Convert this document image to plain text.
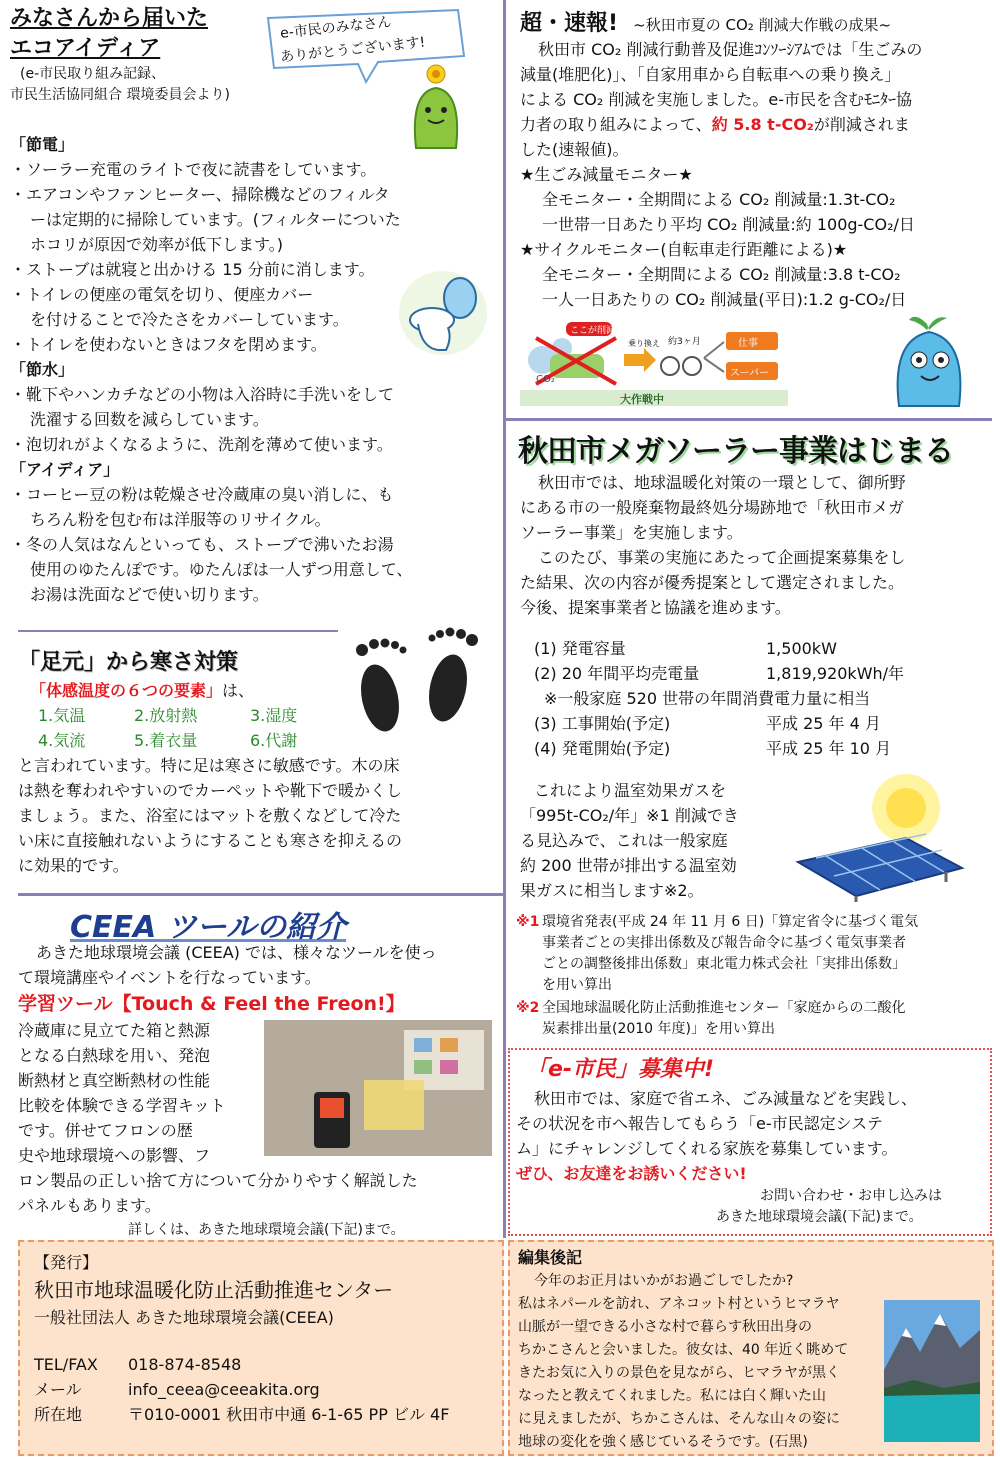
みなさんから届いた
エコアイディア
(e-市民取り組み記録、
市民生活協同組合 環境委員会より)
e-市民のみなさん
ありがとうございます!
「節電」
・ソーラー充電のライトで夜に読書をしています。
・エアコンやファンヒーター、掃除機などのフィルタ
ーは定期的に掃除しています。(フィルターについた
ホコリが原因で効率が低下します。)
・ストーブは就寝と出かける 15 分前に消します。
・トイレの便座の電気を切り、便座カバー
を付けることで冷たさをカバーしています。
・トイレを使わないときはフタを閉めます。
「節水」
・靴下やハンカチなどの小物は入浴時に手洗いをして
洗濯する回数を減らしています。
・泡切れがよくなるように、洗剤を薄めて使います。
「アイディア」
・コーヒー豆の粉は乾燥させ冷蔵庫の臭い消しに、も
ちろん粉を包む布は洋服等のリサイクル。
・冬の人気はなんといっても、ストーブで沸いたお湯
使用のゆたんぽです。ゆたんぽは一人ずつ用意して、
お湯は洗面などで使い切ります。
「足元」から寒さ対策
「体感温度の６つの要素」は、
1.気温	2.放射熱	3.湿度
4.気流	5.着衣量	6.代謝
と言われています。特に足は寒さに敏感です。木の床
は熱を奪われやすいのでカーペットや靴下で暖かくし
ましょう。また、浴室にはマットを敷くなどして冷た
い床に直接触れないようにすることも寒さを抑えるの
に効果的です。
CEEA ツールの紹介
あきた地球環境会議 (CEEA) では、様々なツールを使っ
て環境講座やイベントを行なっています。
学習ツール【Touch & Feel the Freon!】
冷蔵庫に見立てた箱と熱源
となる白熱球を用い、発泡
断熱材と真空断熱材の性能
比較を体験できる学習キット
です。併せてフロンの歴
史や地球環境への影響、フ
ロン製品の正しい捨て方について分かりやすく解説した
パネルもあります。
詳しくは、あきた地球環境会議(下記)まで。
超・速報! ~秋田市夏の CO₂ 削減大作戦の成果~
秋田市 CO₂ 削減行動普及促進ｺﾝｿｰｼｱﾑでは「生ごみの
減量(堆肥化)」、「自家用車から自転車への乗り換え」
による CO₂ 削減を実施しました。e-市民を含むﾓﾆﾀｰ協
力者の取り組みによって、約 5.8 t-CO₂が削減されま
した(速報値)。
★生ごみ減量モニター★
全モニター・全期間による CO₂ 削減量:1.3t-CO₂
一世帯一日あたり平均 CO₂ 削減量:約 100g-CO₂/日
★サイクルモニター(自転車走行距離による)★
全モニター・全期間による CO₂ 削減量:3.8 t-CO₂
一人一日あたりの CO₂ 削減量(平日):1.2 g-CO₂/日
ここが削減
CO₂
乗り換え 約3ヶ月	仕事
スーパー
大作戦中
秋田市メガソーラー事業はじまる
秋田市では、地球温暖化対策の一環として、御所野
にある市の一般廃棄物最終処分場跡地で「秋田市メガ
ソーラー事業」を実施します。
このたび、事業の実施にあたって企画提案募集をし
た結果、次の内容が優秀提案として選定されました。
今後、提案事業者と協議を進めます。
(1) 発電容量	1,500kW
(2) 20 年間平均売電量	1,819,920kWh/年
※一般家庭 520 世帯の年間消費電力量に相当
(3) 工事開始(予定)	平成 25 年 4 月
(4) 発電開始(予定)	平成 25 年 10 月
これにより温室効果ガスを
「995t-CO₂/年」※1 削減でき
る見込みで、これは一般家庭
約 200 世帯が排出する温室効
果ガスに相当します※2。
※1 環境省発表(平成 24 年 11 月 6 日)「算定省令に基づく電気
事業者ごとの実排出係数及び報告命令に基づく電気事業者
ごとの調整後排出係数」東北電力株式会社「実排出係数」
を用い算出
※2 全国地球温暖化防止活動推進センター「家庭からの二酸化
炭素排出量(2010 年度)」を用い算出
「e-市民」募集中!
秋田市では、家庭で省エネ、ごみ減量などを実践し、
その状況を市へ報告してもらう「e-市民認定システ
ム」にチャレンジしてくれる家族を募集しています。
ぜひ、お友達をお誘いください!
お問い合わせ・お申し込みは
あきた地球環境会議(下記)まで。
【発行】
秋田市地球温暖化防止活動推進センター
一般社団法人 あきた地球環境会議(CEEA)
TEL/FAX 018-874-8548
メール	info_ceea@ceeakita.org
所在地	〒010-0001 秋田市中通 6-1-65 PP ビル 4F
編集後記
今年のお正月はいかがお過ごしでしたか?
私はネパールを訪れ、アネコット村というヒマラヤ
山脈が一望できる小さな村で暮らす秋田出身の
ちかこさんと会いました。彼女は、40 年近く眺めて
きたお気に入りの景色を見ながら、ヒマラヤが黒く
なったと教えてくれました。私には白く輝いた山
に見えましたが、ちかこさんは、そんな山々の姿に
地球の変化を強く感じているそうです。(石黒)
